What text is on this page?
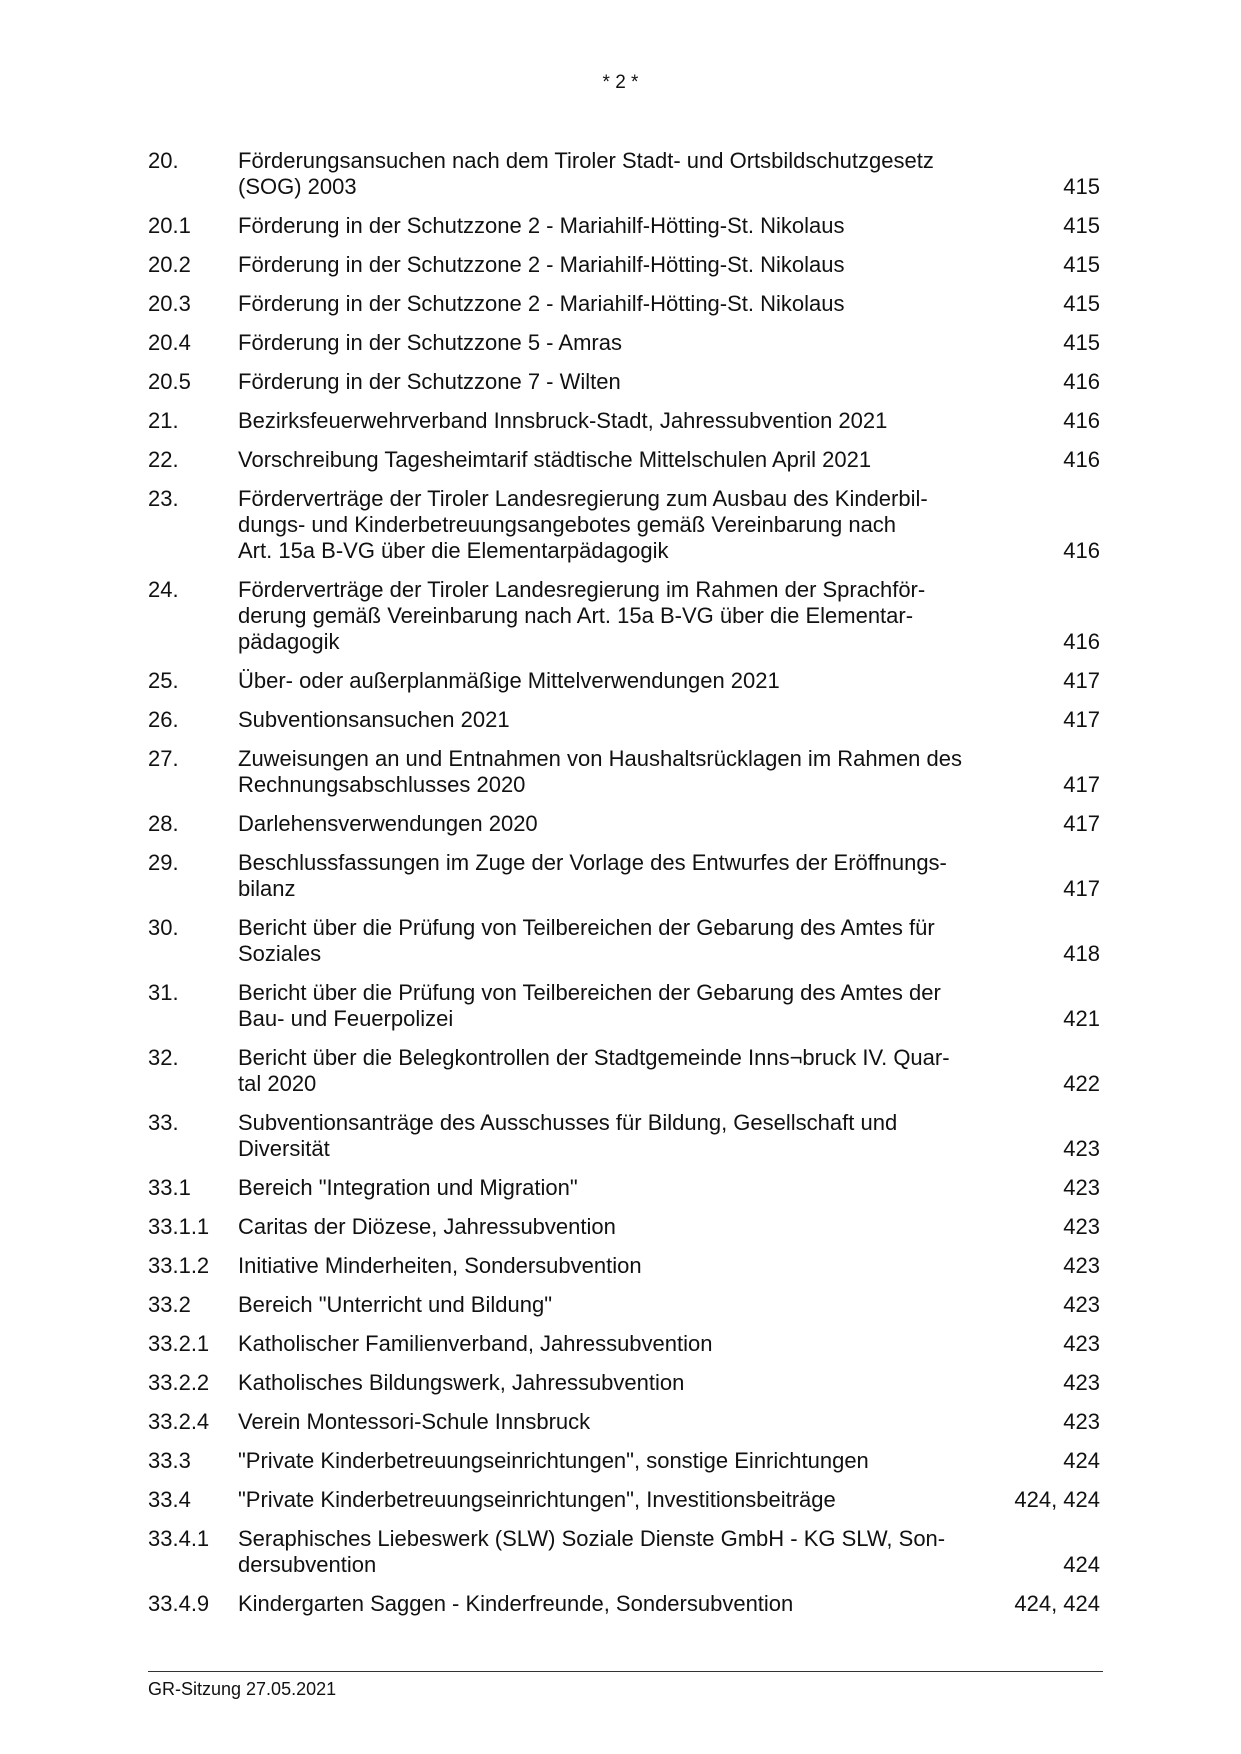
* 2 *
20.	Förderungsansuchen nach dem Tiroler Stadt- und Ortsbildschutzgesetz
(SOG) 2003	415
20.1	Förderung in der Schutzzone 2 - Mariahilf-Hötting-St. Nikolaus	415
20.2	Förderung in der Schutzzone 2 - Mariahilf-Hötting-St. Nikolaus	415
20.3	Förderung in der Schutzzone 2 - Mariahilf-Hötting-St. Nikolaus	415
20.4	Förderung in der Schutzzone 5 - Amras	415
20.5	Förderung in der Schutzzone 7 - Wilten	416
21.	Bezirksfeuerwehrverband Innsbruck-Stadt, Jahressubvention 2021	416
22.	Vorschreibung Tagesheimtarif städtische Mittelschulen April 2021	416
23.	Förderverträge der Tiroler Landesregierung zum Ausbau des Kinderbil-
dungs- und Kinderbetreuungsangebotes gemäß Vereinbarung nach
Art. 15a B-VG über die Elementarpädagogik	416
24.	Förderverträge der Tiroler Landesregierung im Rahmen der Sprachför-
derung gemäß Vereinbarung nach Art. 15a B-VG über die Elementar-
pädagogik	416
25.	Über- oder außerplanmäßige Mittelverwendungen 2021	417
26.	Subventionsansuchen 2021	417
27.	Zuweisungen an und Entnahmen von Haushaltsrücklagen im Rahmen des
Rechnungsabschlusses 2020	417
28.	Darlehensverwendungen 2020	417
29.	Beschlussfassungen im Zuge der Vorlage des Entwurfes der Eröffnungs-
bilanz	417
30.	Bericht über die Prüfung von Teilbereichen der Gebarung des Amtes für
Soziales	418
31.	Bericht über die Prüfung von Teilbereichen der Gebarung des Amtes der
Bau- und Feuerpolizei	421
32.	Bericht über die Belegkontrollen der Stadtgemeinde Inns¬bruck IV. Quar-
tal 2020	422
33.	Subventionsanträge des Ausschusses für Bildung, Gesellschaft und
Diversität	423
33.1	Bereich "Integration und Migration"	423
33.1.1	Caritas der Diözese, Jahressubvention	423
33.1.2	Initiative Minderheiten, Sondersubvention	423
33.2	Bereich "Unterricht und Bildung"	423
33.2.1	Katholischer Familienverband, Jahressubvention	423
33.2.2	Katholisches Bildungswerk, Jahressubvention	423
33.2.4	Verein Montessori-Schule Innsbruck	423
33.3	"Private Kinderbetreuungseinrichtungen", sonstige Einrichtungen	424
33.4	"Private Kinderbetreuungseinrichtungen", Investitionsbeiträge	424, 424
33.4.1	Seraphisches Liebeswerk (SLW) Soziale Dienste GmbH - KG SLW, Son-
dersubvention	424
33.4.9	Kindergarten Saggen - Kinderfreunde, Sondersubvention	424, 424
GR-Sitzung 27.05.2021
